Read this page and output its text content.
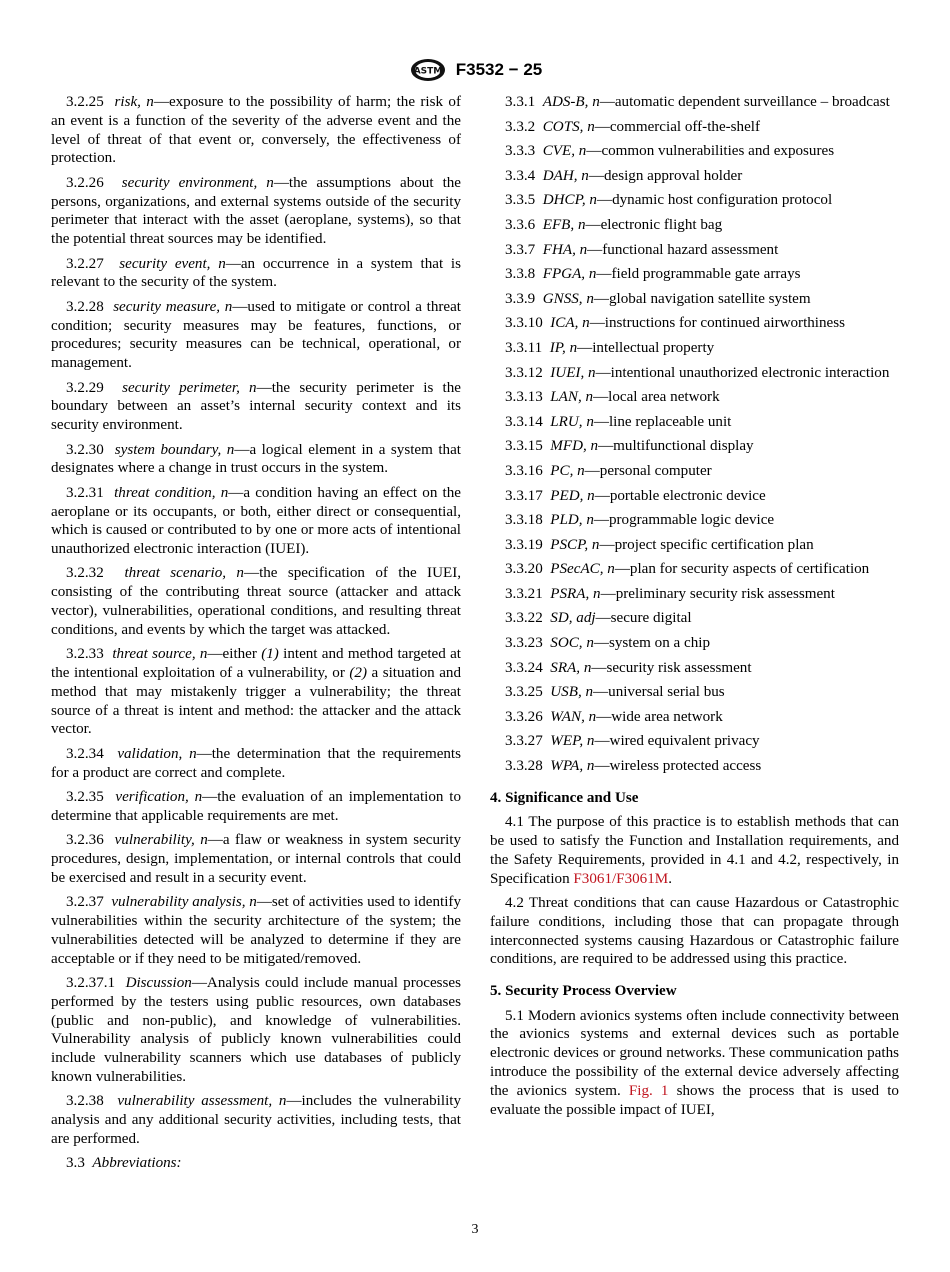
ASTM F3532 − 25

3.2.25 risk, n—exposure to the possibility of harm; the risk of an event is a function of the severity of the adverse event and the level of threat of that event or, conversely, the effectiveness of protection.

3.2.26 security environment, n—the assumptions about the persons, organizations, and external systems outside of the security perimeter that interact with the asset (aeroplane, systems), so that the potential threat sources may be identified.

3.2.27 security event, n—an occurrence in a system that is relevant to the security of the system.

3.2.28 security measure, n—used to mitigate or control a threat condition; security measures may be features, functions, or procedures; security measures can be technical, operational, or management.

3.2.29 security perimeter, n—the security perimeter is the boundary between an asset’s internal security context and its security environment.

3.2.30 system boundary, n—a logical element in a system that designates where a change in trust occurs in the system.

3.2.31 threat condition, n—a condition having an effect on the aeroplane or its occupants, or both, either direct or consequential, which is caused or contributed to by one or more acts of intentional unauthorized electronic interaction (IUEI).

3.2.32 threat scenario, n—the specification of the IUEI, consisting of the contributing threat source (attacker and attack vector), vulnerabilities, operational conditions, and resulting threat conditions, and events by which the target was attacked.

3.2.33 threat source, n—either (1) intent and method targeted at the intentional exploitation of a vulnerability, or (2) a situation and method that may mistakenly trigger a vulnerability; the threat source of a threat is intent and method: the attacker and the attack vector.

3.2.34 validation, n—the determination that the requirements for a product are correct and complete.

3.2.35 verification, n—the evaluation of an implementation to determine that applicable requirements are met.

3.2.36 vulnerability, n—a flaw or weakness in system security procedures, design, implementation, or internal controls that could be exercised and result in a security event.

3.2.37 vulnerability analysis, n—set of activities used to identify vulnerabilities within the security architecture of the system; the vulnerabilities detected will be analyzed to determine if they are acceptable or if they need to be mitigated/removed.

3.2.37.1 Discussion—Analysis could include manual processes performed by the testers using public resources, own databases (public and non-public), and knowledge of vulnerabilities. Vulnerability analysis of publicly known vulnerabilities could include vulnerability scanners which use databases of publicly known vulnerabilities.

3.2.38 vulnerability assessment, n—includes the vulnerability analysis and any additional security activities, including tests, that are performed.

3.3 Abbreviations:

3.3.1 ADS-B, n—automatic dependent surveillance – broadcast

3.3.2 COTS, n—commercial off-the-shelf

3.3.3 CVE, n—common vulnerabilities and exposures

3.3.4 DAH, n—design approval holder

3.3.5 DHCP, n—dynamic host configuration protocol

3.3.6 EFB, n—electronic flight bag

3.3.7 FHA, n—functional hazard assessment

3.3.8 FPGA, n—field programmable gate arrays

3.3.9 GNSS, n—global navigation satellite system

3.3.10 ICA, n—instructions for continued airworthiness

3.3.11 IP, n—intellectual property

3.3.12 IUEI, n—intentional unauthorized electronic interaction

3.3.13 LAN, n—local area network

3.3.14 LRU, n—line replaceable unit

3.3.15 MFD, n—multifunctional display

3.3.16 PC, n—personal computer

3.3.17 PED, n—portable electronic device

3.3.18 PLD, n—programmable logic device

3.3.19 PSCP, n—project specific certification plan

3.3.20 PSecAC, n—plan for security aspects of certification

3.3.21 PSRA, n—preliminary security risk assessment

3.3.22 SD, adj—secure digital

3.3.23 SOC, n—system on a chip

3.3.24 SRA, n—security risk assessment

3.3.25 USB, n—universal serial bus

3.3.26 WAN, n—wide area network

3.3.27 WEP, n—wired equivalent privacy

3.3.28 WPA, n—wireless protected access

4. Significance and Use

4.1 The purpose of this practice is to establish methods that can be used to satisfy the Function and Installation requirements, and the Safety Requirements, provided in 4.1 and 4.2, respectively, in Specification F3061/F3061M.

4.2 Threat conditions that can cause Hazardous or Catastrophic failure conditions, including those that can propagate through interconnected systems causing Hazardous or Catastrophic failure conditions, are required to be addressed using this practice.

5. Security Process Overview

5.1 Modern avionics systems often include connectivity between the avionics systems and external devices such as portable electronic devices or ground networks. These communication paths introduce the possibility of the external device adversely affecting the avionics system. Fig. 1 shows the process that is used to evaluate the possible impact of IUEI,

3
